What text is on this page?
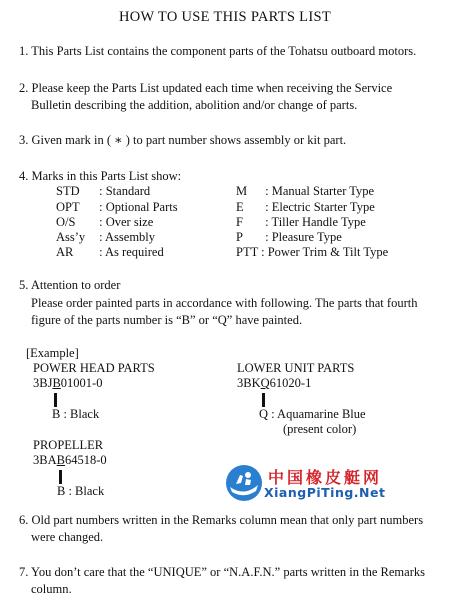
HOW TO USE THIS PARTS LIST
1. This Parts List contains the component parts of the Tohatsu outboard motors.
2. Please keep the Parts List updated each time when receiving the Service
Bulletin describing the addition, abolition and/or change of parts.
3. Given mark in ( ∗ ) to part number shows assembly or kit part.
4. Marks in this Parts List show:
STD : Standard
OPT : Optional Parts
O/S : Over size
Ass’y : Assembly
AR : As required
M : Manual Starter Type
E : Electric Starter Type
F : Tiller Handle Type
P : Pleasure Type
PTT : Power Trim & Tilt Type
5. Attention to order
Please order painted parts in accordance with following. The parts that fourth
figure of the parts number is “B” or “Q” have painted.
[Example]
POWER HEAD PARTS
3BJB01001-0
B : Black
LOWER UNIT PARTS
3BKQ61020-1
Q : Aquamarine Blue
(present color)
PROPELLER
3BAB64518-0
B : Black
中国橡皮艇网
XiangPiTing.Net
6. Old part numbers written in the Remarks column mean that only part numbers
were changed.
7. You don’t care that the “UNIQUE” or “N.A.F.N.” parts written in the Remarks
column.
